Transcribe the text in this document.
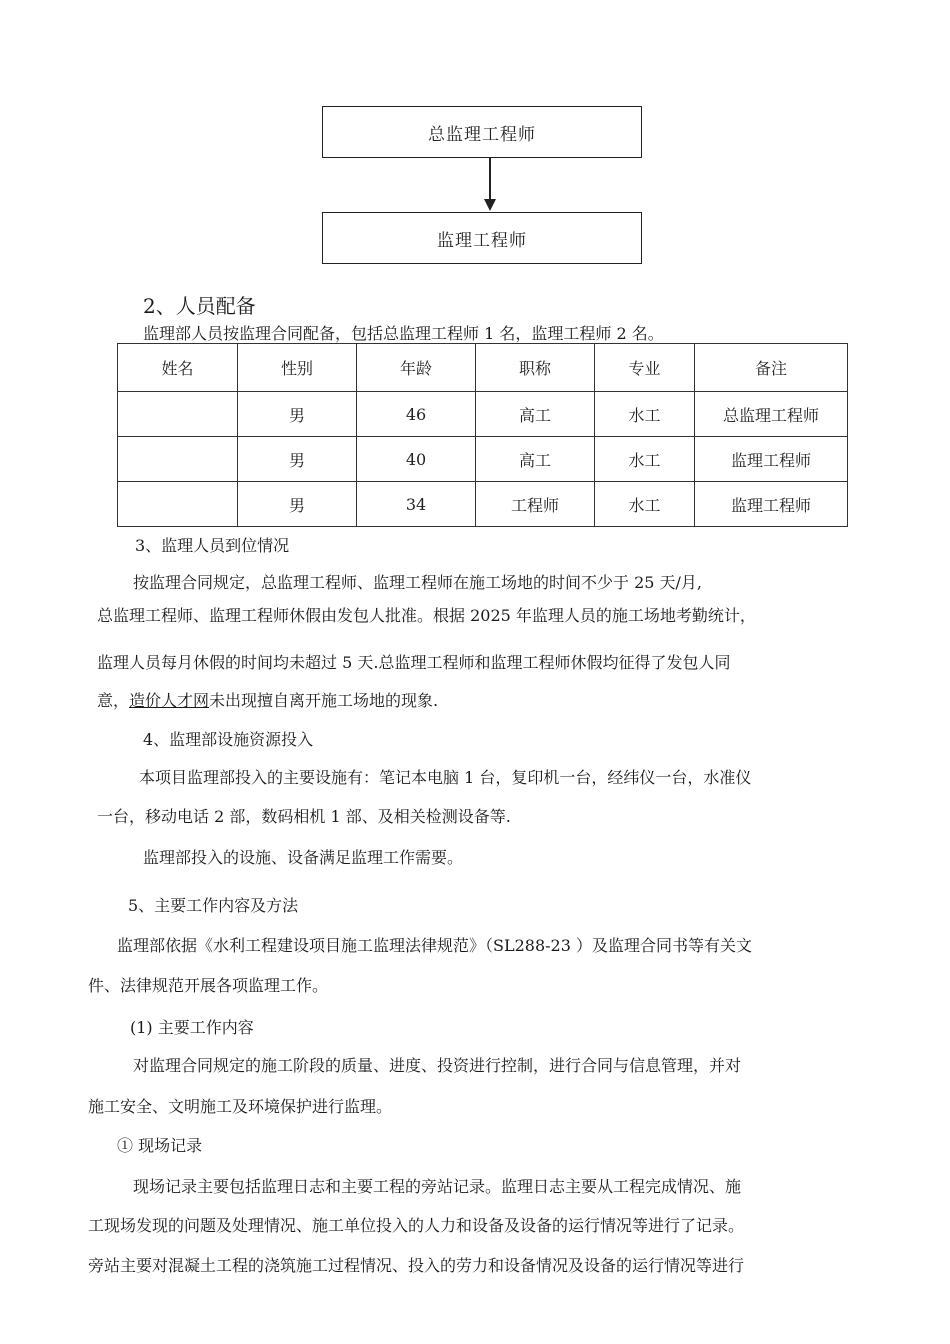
总监理工程师
监理工程师
2、人员配备
监理部人员按监理合同配备，包括总监理工程师 1 名，监理工程师 2 名。
姓名	性别	年龄	职称	专业	备注
	男	46	高工	水工	总监理工程师
	男	40	高工	水工	监理工程师
	男	34	工程师	水工	监理工程师
3、监理人员到位情况
按监理合同规定，总监理工程师、监理工程师在施工场地的时间不少于 25 天/月,
总监理工程师、监理工程师休假由发包人批准。根据 2025 年监理人员的施工场地考勤统计，
监理人员每月休假的时间均未超过 5 天.总监理工程师和监理工程师休假均征得了发包人同
意，造价人才网未出现擅自离开施工场地的现象.
4、监理部设施资源投入
本项目监理部投入的主要设施有：笔记本电脑 1 台，复印机一台，经纬仪一台，水准仪
一台，移动电话 2 部，数码相机 1 部、及相关检测设备等.
监理部投入的设施、设备满足监理工作需要。
5、主要工作内容及方法
监理部依据《水利工程建设项目施工监理法律规范》（SL288-23 ）及监理合同书等有关文
件、法律规范开展各项监理工作。
(1) 主要工作内容
对监理合同规定的施工阶段的质量、进度、投资进行控制，进行合同与信息管理，并对
施工安全、文明施工及环境保护进行监理。
① 现场记录
现场记录主要包括监理日志和主要工程的旁站记录。监理日志主要从工程完成情况、施
工现场发现的问题及处理情况、施工单位投入的人力和设备及设备的运行情况等进行了记录。
旁站主要对混凝土工程的浇筑施工过程情况、投入的劳力和设备情况及设备的运行情况等进行
